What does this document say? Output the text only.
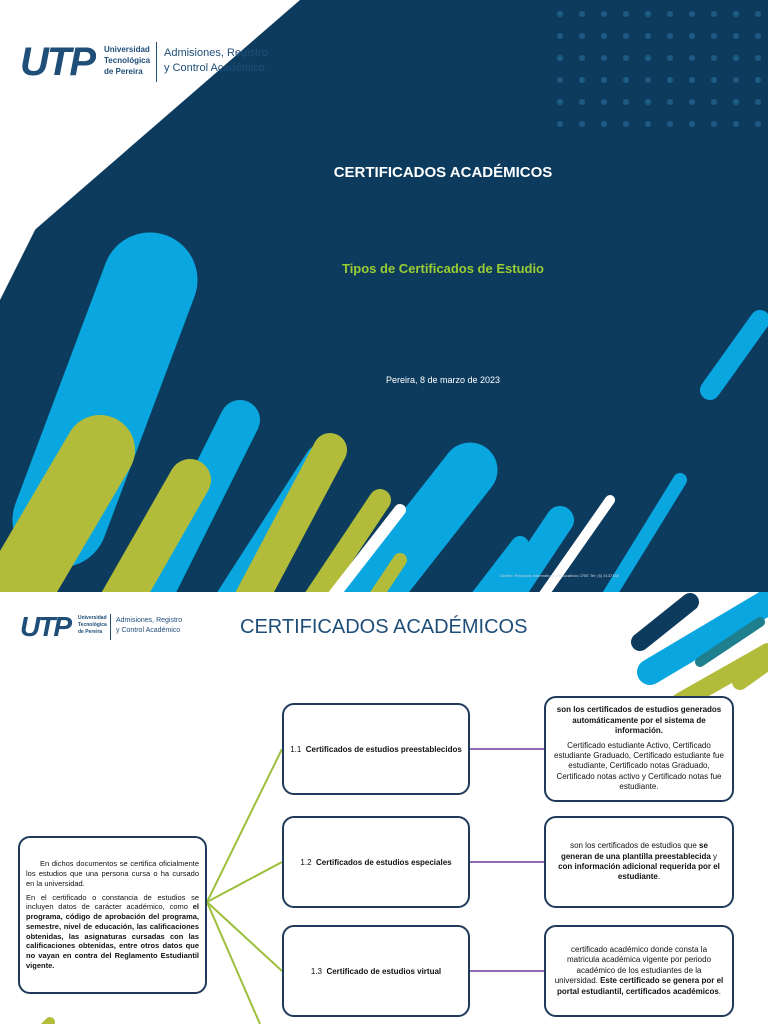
UTP Universidad
Tecnológica
de Pereira
Admisiones, Registro
y Control Académico
CERTIFICADOS ACADÉMICOS
Tipos de Certificados de Estudio
Pereira, 8 de marzo de 2023
Diseño: Recursos Informáticos y Educativos CRIE Tel: (6) 3137166
UTP Universidad
Tecnológica
de Pereira
Admisiones, Registro
y Control Académico	CERTIFICADOS ACADÉMICOS

En dichos documentos se certifica oficialmente los estudios que una persona cursa o ha cursado en la universidad.

En el certificado o constancia de estudios se incluyen datos de carácter académico, como el programa, código de aprobación del programa, semestre, nivel de educación, las calificaciones obtenidas, las asignaturas cursadas con las calificaciones obtenidas, entre otros datos que no vayan en contra del Reglamento Estudiantil vigente.

1.1
Certificados de estudios preestablecidos

son los certificados de estudios generados automáticamente por el sistema de información.

Certificado estudiante Activo, Certificado estudiante Graduado, Certificado estudiante fue estudiante, Certificado notas Graduado, Certificado notas activo y Certificado notas fue estudiante.

1.2
Certificados de estudios especiales

son los certificados de estudios que se generan de una plantilla preestablecida y con información adicional requerida por el estudiante.

1.3
Certificado de estudios virtual

certificado académico donde consta la matricula académica vigente por periodo académico de los estudiantes de la universidad. Este certificado se genera por el portal estudiantil, certificados académicos.
